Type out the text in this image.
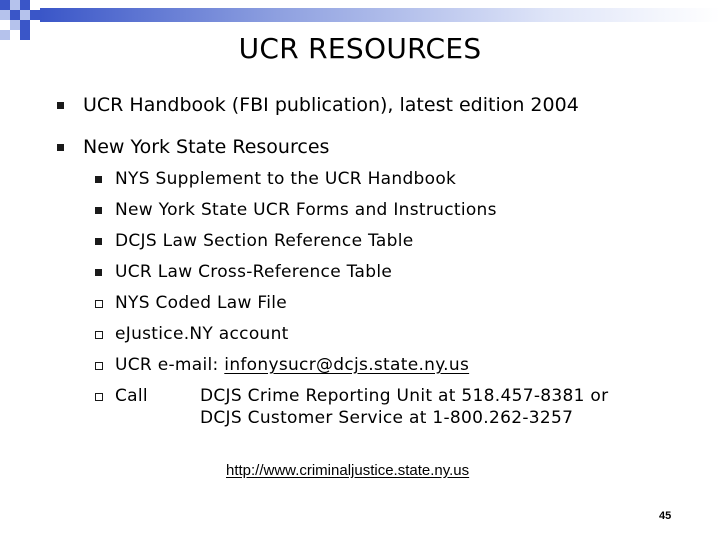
UCR RESOURCES
UCR Handbook (FBI publication), latest edition 2004
New York State Resources
NYS Supplement to the UCR Handbook
New York State UCR Forms and Instructions
DCJS Law Section Reference Table
UCR Law Cross-Reference Table
NYS Coded Law File
eJustice.NY account
UCR e-mail:
infonysucr@dcjs.state.ny.us
Call	DCJS Crime Reporting Unit at 518.457-8381 or
DCJS Customer Service at 1-800.262-3257
http://www.criminaljustice.state.ny.us
45
